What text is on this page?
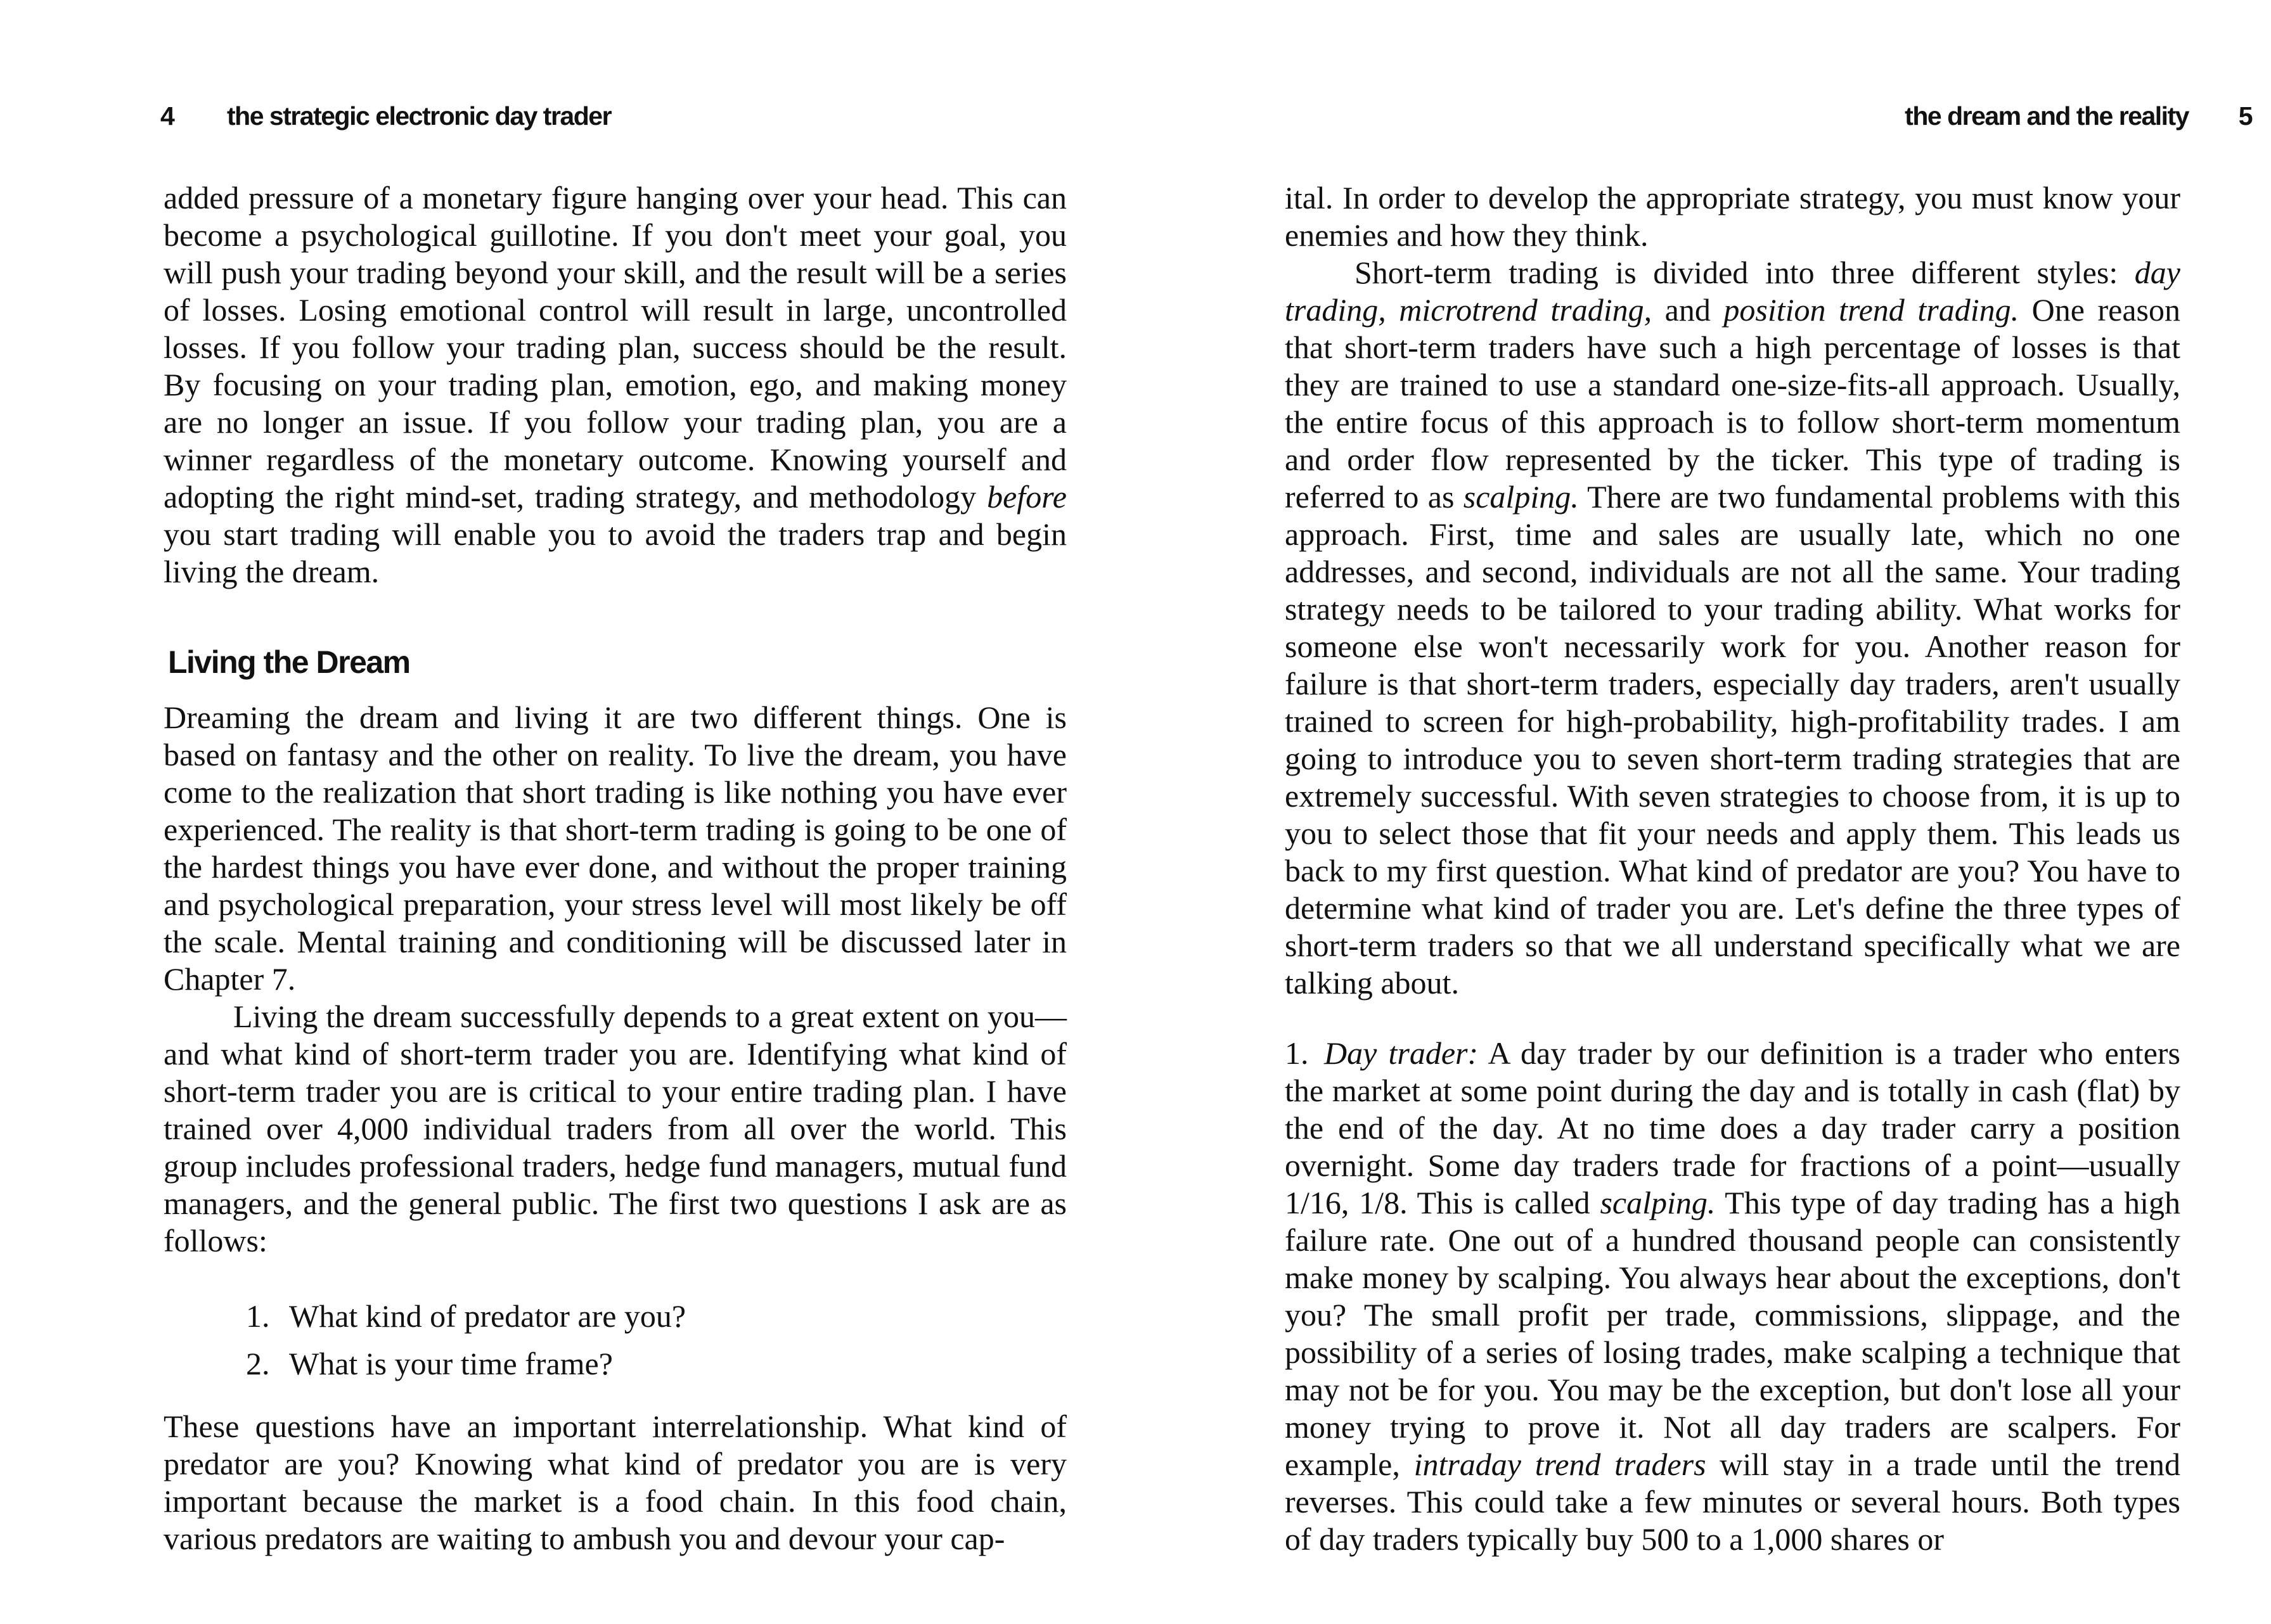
4 the strategic electronic day trader

added pressure of a monetary figure hanging over your head. This can become a psychological guillotine. If you don't meet your goal, you will push your trading beyond your skill, and the result will be a series of losses. Losing emotional control will result in large, uncontrolled losses. If you follow your trading plan, success should be the result. By focusing on your trading plan, emotion, ego, and making money are no longer an issue. If you follow your trading plan, you are a winner regardless of the monetary outcome. Knowing yourself and adopting the right mind-set, trading strategy, and methodology before you start trading will enable you to avoid the traders trap and begin living the dream.

Living the Dream

Dreaming the dream and living it are two different things. One is based on fantasy and the other on reality. To live the dream, you have come to the realization that short trading is like nothing you have ever experienced. The reality is that short-term trading is going to be one of the hardest things you have ever done, and without the proper training and psychological preparation, your stress level will most likely be off the scale. Mental training and conditioning will be discussed later in Chapter 7.

Living the dream successfully depends to a great extent on you—and what kind of short-term trader you are. Identifying what kind of short-term trader you are is critical to your entire trading plan. I have trained over 4,000 individual traders from all over the world. This group includes professional traders, hedge fund managers, mutual fund managers, and the general public. The first two questions I ask are as follows:

1. What kind of predator are you?
2. What is your time frame?

These questions have an important interrelationship. What kind of predator are you? Knowing what kind of predator you are is very important because the market is a food chain. In this food chain, various predators are waiting to ambush you and devour your cap-

the dream and the reality 5

ital. In order to develop the appropriate strategy, you must know your enemies and how they think.

Short-term trading is divided into three different styles: day trading, microtrend trading, and position trend trading. One reason that short-term traders have such a high percentage of losses is that they are trained to use a standard one-size-fits-all approach. Usually, the entire focus of this approach is to follow short-term momentum and order flow represented by the ticker. This type of trading is referred to as scalping. There are two fundamental problems with this approach. First, time and sales are usually late, which no one addresses, and second, individuals are not all the same. Your trading strategy needs to be tailored to your trading ability. What works for someone else won't necessarily work for you. Another reason for failure is that short-term traders, especially day traders, aren't usually trained to screen for high-probability, high-profitability trades. I am going to introduce you to seven short-term trading strategies that are extremely successful. With seven strategies to choose from, it is up to you to select those that fit your needs and apply them. This leads us back to my first question. What kind of predator are you? You have to determine what kind of trader you are. Let's define the three types of short-term traders so that we all understand specifically what we are talking about.

1. Day trader: A day trader by our definition is a trader who enters the market at some point during the day and is totally in cash (flat) by the end of the day. At no time does a day trader carry a position overnight. Some day traders trade for fractions of a point—usually 1/16, 1/8. This is called scalping. This type of day trading has a high failure rate. One out of a hundred thousand people can consistently make money by scalping. You always hear about the exceptions, don't you? The small profit per trade, commissions, slippage, and the possibility of a series of losing trades, make scalping a technique that may not be for you. You may be the exception, but don't lose all your money trying to prove it. Not all day traders are scalpers. For example, intraday trend traders will stay in a trade until the trend reverses. This could take a few minutes or several hours. Both types of day traders typically buy 500 to a 1,000 shares or
